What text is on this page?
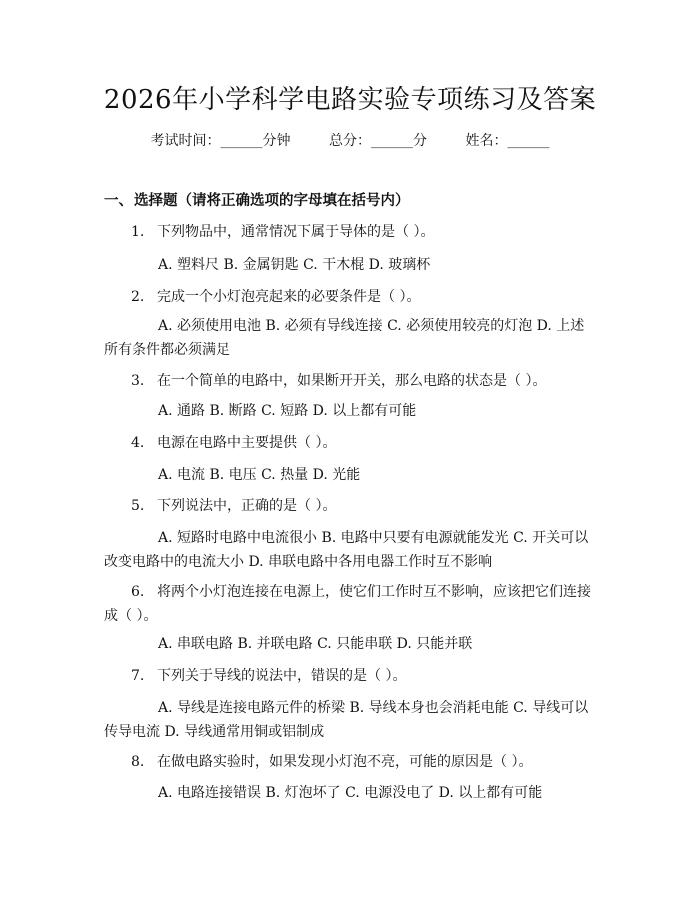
2026年小学科学电路实验专项练习及答案
考试时间：______分钟	总分：______分	姓名：______
一、选择题（请将正确选项的字母填在括号内）
1. 下列物品中，通常情况下属于导体的是（ ）。
A. 塑料尺 B. 金属钥匙 C. 干木棍 D. 玻璃杯
2. 完成一个小灯泡亮起来的必要条件是（ ）。
A. 必须使用电池 B. 必须有导线连接 C. 必须使用较亮的灯泡 D. 上述所有条件都必须满足
3. 在一个简单的电路中，如果断开开关，那么电路的状态是（ ）。
A. 通路 B. 断路 C. 短路 D. 以上都有可能
4. 电源在电路中主要提供（ ）。
A. 电流 B. 电压 C. 热量 D. 光能
5. 下列说法中，正确的是（ ）。
A. 短路时电路中电流很小 B. 电路中只要有电源就能发光 C. 开关可以改变电路中的电流大小 D. 串联电路中各用电器工作时互不影响
6. 将两个小灯泡连接在电源上，使它们工作时互不影响，应该把它们连接成（ ）。
A. 串联电路 B. 并联电路 C. 只能串联 D. 只能并联
7. 下列关于导线的说法中，错误的是（ ）。
A. 导线是连接电路元件的桥梁 B. 导线本身也会消耗电能 C. 导线可以传导电流 D. 导线通常用铜或铝制成
8. 在做电路实验时，如果发现小灯泡不亮，可能的原因是（ ）。
A. 电路连接错误 B. 灯泡坏了 C. 电源没电了 D. 以上都有可能
